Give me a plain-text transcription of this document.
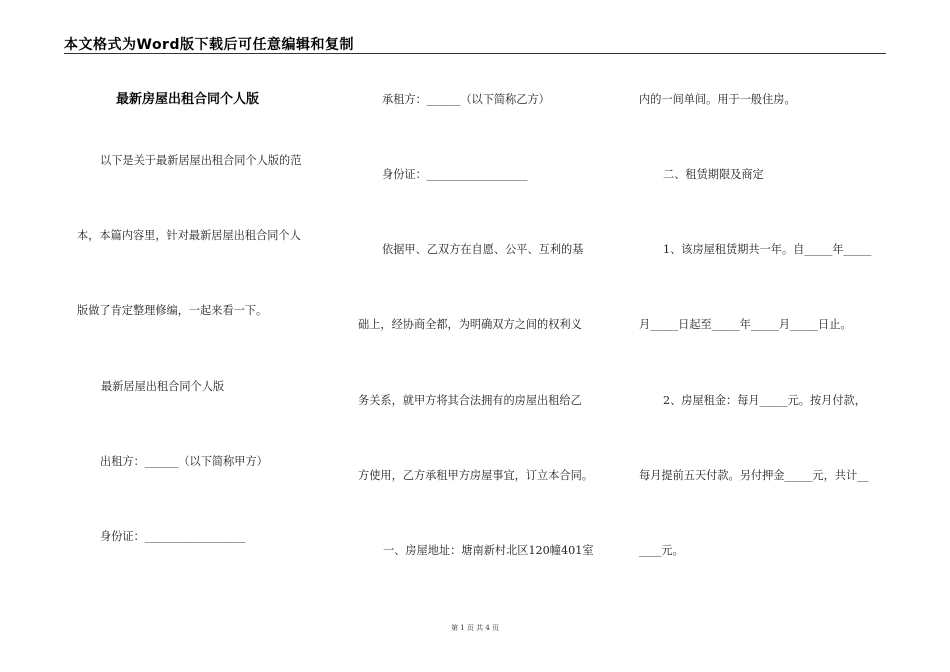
本文格式为Word版下载后可任意编辑和复制
最新房屋出租合同个人版
以下是关于最新居屋出租合同个人版的范
本，本篇内容里，针对最新居屋出租合同个人
版做了肯定整理修编，一起来看一下。
最新居屋出租合同个人版
出租方：______（以下简称甲方）
身份证：__________________
承租方：______（以下简称乙方）
身份证：__________________
依据甲、乙双方在自愿、公平、互利的基
础上，经协商全都，为明确双方之间的权利义
务关系，就甲方将其合法拥有的房屋出租给乙
方使用，乙方承租甲方房屋事宜，订立本合同。
一、房屋地址：塘南新村北区120幢401室
内的一间单间。用于一般住房。
二、租赁期限及商定
1、该房屋租赁期共一年。自_____年_____
月_____日起至_____年_____月_____日止。
2、房屋租金：每月_____元。按月付款，
每月提前五天付款。另付押金_____元，共计__
____元。
第 1 页 共 4 页
